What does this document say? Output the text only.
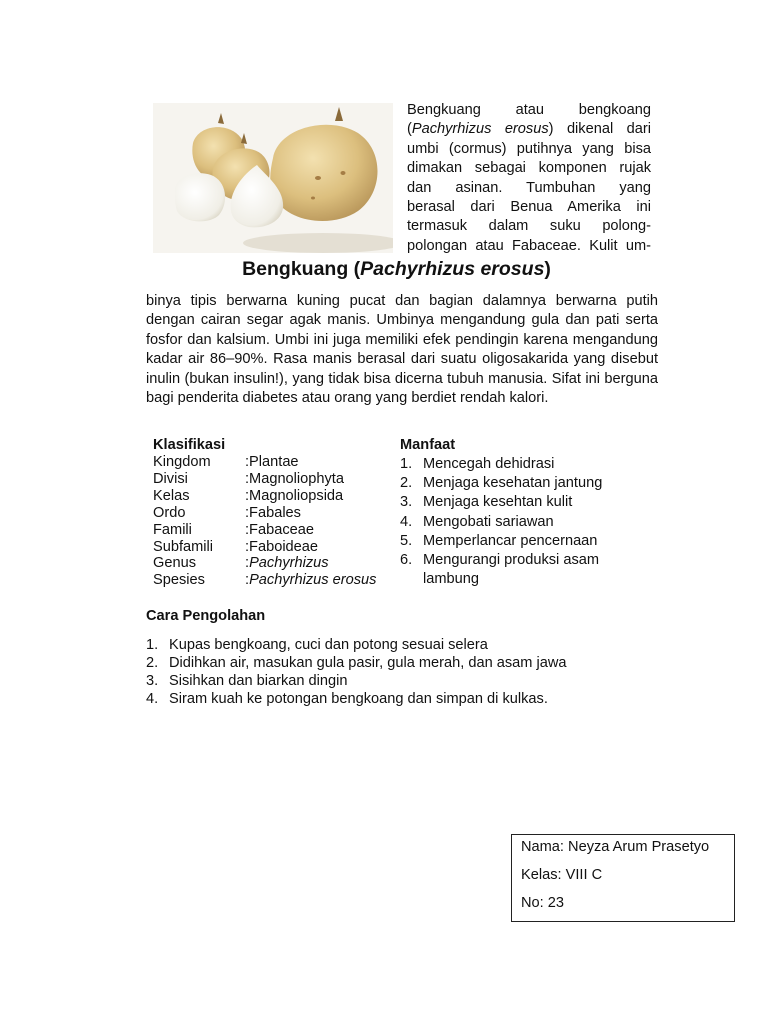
Bengkuang atau bengkoang
(Pachyrhizus erosus) dikenal dari
umbi (cormus) putihnya yang bisa
dimakan sebagai komponen rujak
dan asinan. Tumbuhan yang
berasal dari Benua Amerika ini
termasuk dalam suku polong-
polongan atau Fabaceae. Kulit um-
Bengkuang (Pachyrhizus erosus)
binya tipis berwarna kuning pucat dan bagian dalamnya berwarna putih dengan cairan segar agak manis. Umbinya mengandung gula dan pati serta fosfor dan kalsium. Umbi ini juga memiliki efek pendingin karena mengandung kadar air 86–90%. Rasa manis berasal dari suatu oligosakarida yang disebut inulin (bukan insulin!), yang tidak bisa dicerna tubuh manusia. Sifat ini berguna bagi penderita diabetes atau orang yang berdiet rendah kalori.
Klasifikasi
Kingdom	:Plantae
Divisi	:Magnoliophyta
Kelas	:Magnoliopsida
Ordo	:Fabales
Famili	:Fabaceae
Subfamili	:Faboideae
Genus	:Pachyrhizus
Spesies	:Pachyrhizus erosus
Manfaat
1. Mencegah dehidrasi
2. Menjaga kesehatan jantung
3. Menjaga kesehtan kulit
4. Mengobati sariawan
5. Memperlancar pencernaan
6. Mengurangi produksi asam lambung
Cara Pengolahan
1. Kupas bengkoang, cuci dan potong sesuai selera
2. Didihkan air, masukan gula pasir, gula merah, dan asam jawa
3. Sisihkan dan biarkan dingin
4. Siram kuah ke potongan bengkoang dan simpan di kulkas.
Nama: Neyza Arum Prasetyo
Kelas: VIII C
No: 23
